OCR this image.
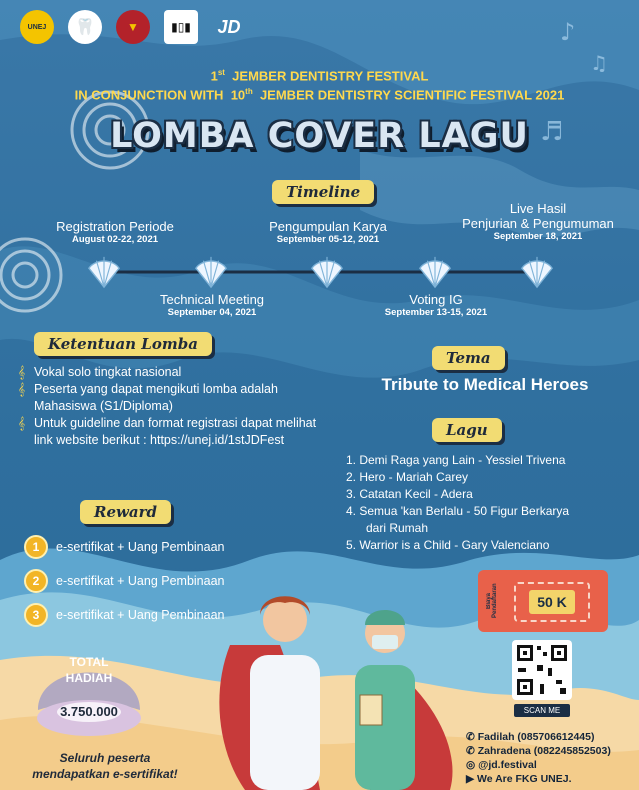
♪
♫
♬
UNEJ 🦷	▼	▮▯▮ JD
1st JEMBER DENTISTRY FESTIVAL
IN CONJUNCTION WITH 10th JEMBER DENTISTRY SCIENTIFIC FESTIVAL 2021
LOMBA COVER LAGU
Timeline
Registration Periode
August 02-22, 2021
Pengumpulan Karya
September 05-12, 2021
Live Hasil
Penjurian & Pengumuman
September 18, 2021
Technical Meeting
September 04, 2021
Voting IG
September 13-15, 2021
Ketentuan Lomba
𝄞 Vokal solo tingkat nasional
𝄞 Peserta yang dapat mengikuti lomba adalah Mahasiswa (S1/Diploma)
𝄞 Untuk guideline dan format registrasi dapat melihat link website berikut : https://unej.id/1stJDFest
Tema
Tribute to Medical Heroes
Lagu
1. Demi Raga yang Lain - Yessiel Trivena
2. Hero - Mariah Carey
3. Catatan Kecil - Adera
4. Semua 'kan Berlalu - 50 Figur Berkarya
dari Rumah
5. Warrior is a Child - Gary Valenciano
Reward
1	e-sertifikat + Uang Pembinaan
2	e-sertifikat + Uang Pembinaan
3	e-sertifikat + Uang Pembinaan
Biaya Pendaftaran	50 K
TOTAL
HADIAH
3.750.000
Seluruh peserta
mendapatkan e-sertifikat!
SCAN ME
✆ Fadilah (085706612445)
✆ Zahradena (082245852503)
◎ @jd.festival
▶ We Are FKG UNEJ.
